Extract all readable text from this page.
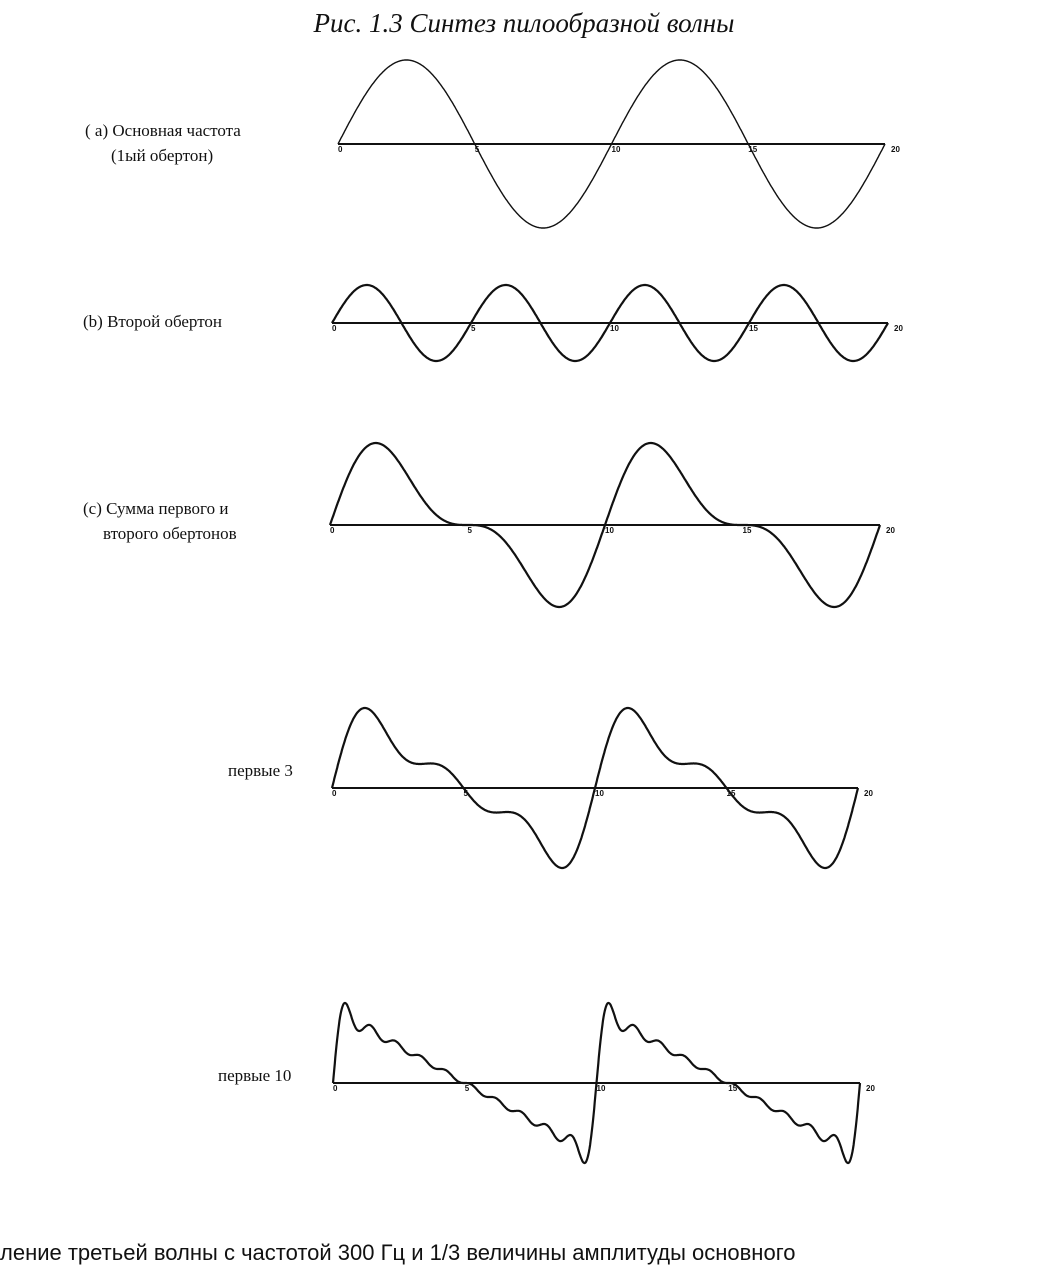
Рис. 1.3 Синтез пилообразной волны
( a) Основная частота
(1ый обертон)
(b) Второй обертон
(c) Сумма первого и
второго обертонов
первые 3
первые 10
0	5	10	15	20
0	5	10	15	20
0	5	10	15	20
0	5	10	15	20
0	5	10	15	20
ление третьей волны с частотой 300 Гц и 1/3 величины амплитуды основного
